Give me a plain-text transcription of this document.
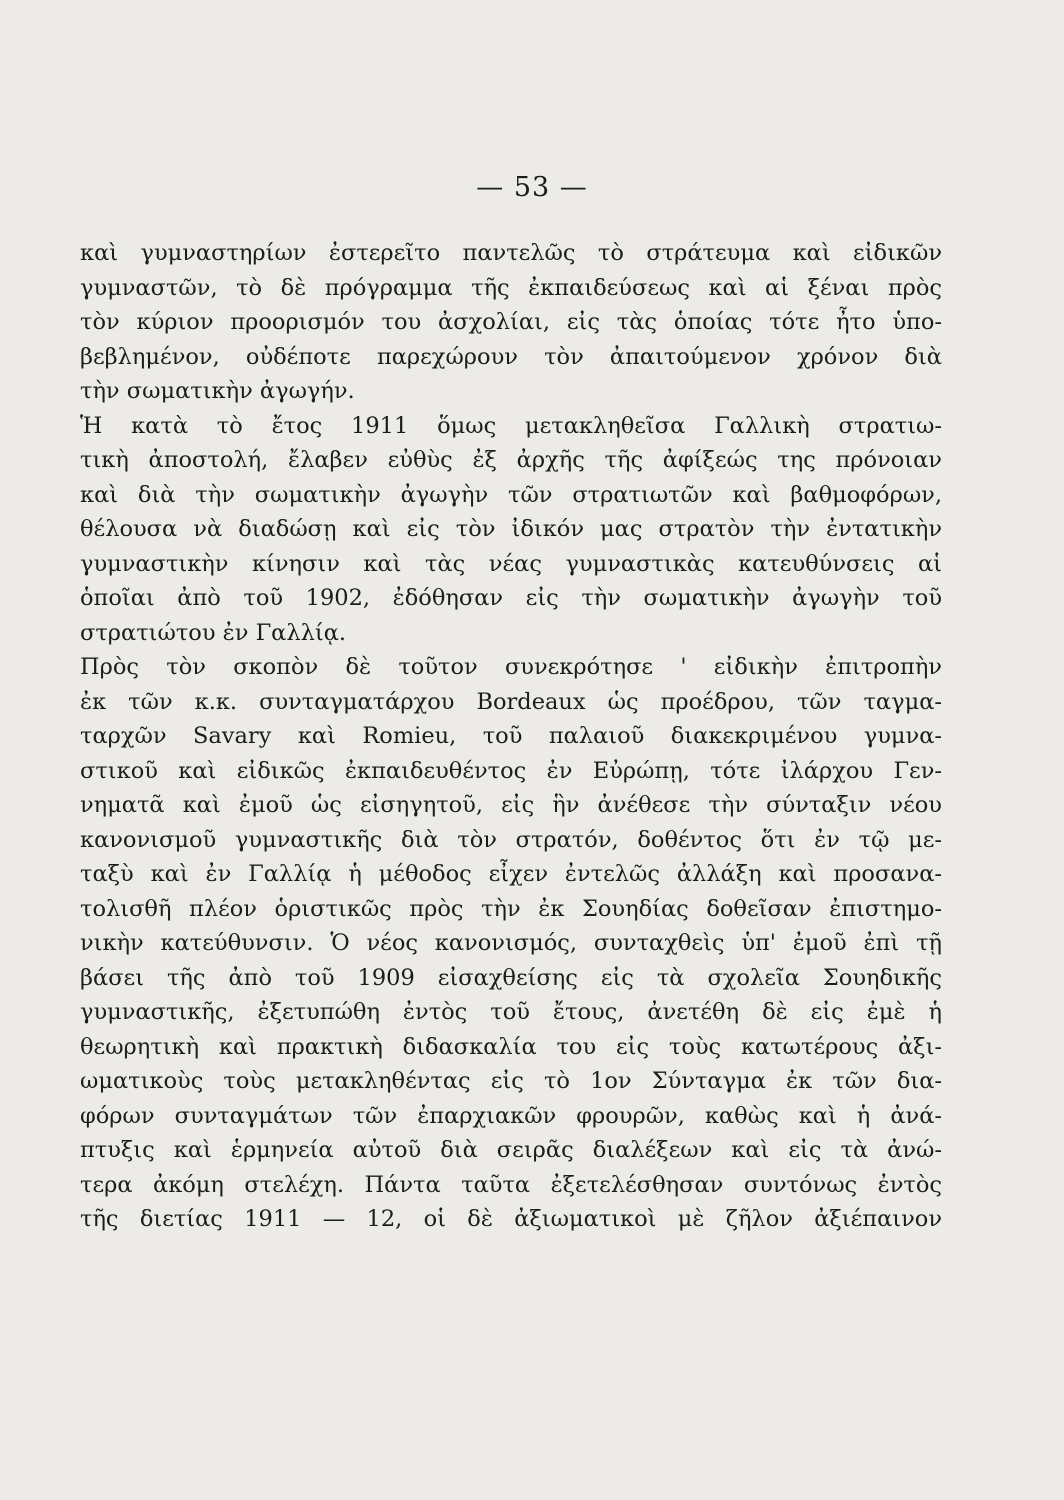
— 53 —
καὶ γυμναστηρίων ἐστερεῖτο παντελῶς τὸ στράτευμα καὶ εἰδικῶν
γυμναστῶν, τὸ δὲ πρόγραμμα τῆς ἐκπαιδεύσεως καὶ αἱ ξέναι πρὸς
τὸν κύριον προορισμόν του ἀσχολίαι, εἰς τὰς ὁποίας τότε ἦτο ὑπο-
βεβλημένον, οὐδέποτε παρεχώρουν τὸν ἀπαιτούμενον χρόνον διὰ
τὴν σωματικὴν ἀγωγήν.
Ἡ κατὰ τὸ ἔτος 1911 ὅμως μετακληθεῖσα Γαλλικὴ στρατιω-
τικὴ ἀποστολή, ἔλαβεν εὐθὺς ἐξ ἀρχῆς τῆς ἀφίξεώς της πρόνοιαν
καὶ διὰ τὴν σωματικὴν ἀγωγὴν τῶν στρατιωτῶν καὶ βαθμοφόρων,
θέλουσα νὰ διαδώσῃ καὶ εἰς τὸν ἰδικόν μας στρατὸν τὴν ἐντατικὴν
γυμναστικὴν κίνησιν καὶ τὰς νέας γυμναστικὰς κατευθύνσεις αἱ
ὁποῖαι ἀπὸ τοῦ 1902, ἐδόθησαν εἰς τὴν σωματικὴν ἀγωγὴν τοῦ
στρατιώτου ἐν Γαλλίᾳ.
Πρὸς τὸν σκοπὸν δὲ τοῦτον συνεκρότησε ' εἰδικὴν ἐπιτροπὴν
ἐκ τῶν κ.κ. συνταγματάρχου Bordeaux ὡς προέδρου, τῶν ταγμα-
ταρχῶν Savary καὶ Romieu, τοῦ παλαιοῦ διακεκριμένου γυμνα-
στικοῦ καὶ εἰδικῶς ἐκπαιδευθέντος ἐν Εὐρώπῃ, τότε ἰλάρχου Γεν-
νηματᾶ καὶ ἐμοῦ ὡς εἰσηγητοῦ, εἰς ἣν ἀνέθεσε τὴν σύνταξιν νέου
κανονισμοῦ γυμναστικῆς διὰ τὸν στρατόν, δοθέντος ὅτι ἐν τῷ με-
ταξὺ καὶ ἐν Γαλλίᾳ ἡ μέθοδος εἶχεν ἐντελῶς ἀλλάξη καὶ προσανα-
τολισθῆ πλέον ὁριστικῶς πρὸς τὴν ἐκ Σουηδίας δοθεῖσαν ἐπιστημο-
νικὴν κατεύθυνσιν. Ὁ νέος κανονισμός, συνταχθεὶς ὑπ' ἐμοῦ ἐπὶ τῇ
βάσει τῆς ἀπὸ τοῦ 1909 εἰσαχθείσης εἰς τὰ σχολεῖα Σουηδικῆς
γυμναστικῆς, ἐξετυπώθη ἐντὸς τοῦ ἔτους, ἀνετέθη δὲ εἰς ἐμὲ ἡ
θεωρητικὴ καὶ πρακτικὴ διδασκαλία του εἰς τοὺς κατωτέρους ἀξι-
ωματικοὺς τοὺς μετακληθέντας εἰς τὸ 1ον Σύνταγμα ἐκ τῶν δια-
φόρων συνταγμάτων τῶν ἐπαρχιακῶν φρουρῶν, καθὼς καὶ ἡ ἀνά-
πτυξις καὶ ἑρμηνεία αὐτοῦ διὰ σειρᾶς διαλέξεων καὶ εἰς τὰ ἀνώ-
τερα ἀκόμη στελέχη. Πάντα ταῦτα ἐξετελέσθησαν συντόνως ἐντὸς
τῆς διετίας 1911 — 12, οἱ δὲ ἀξιωματικοὶ μὲ ζῆλον ἀξιέπαινον
